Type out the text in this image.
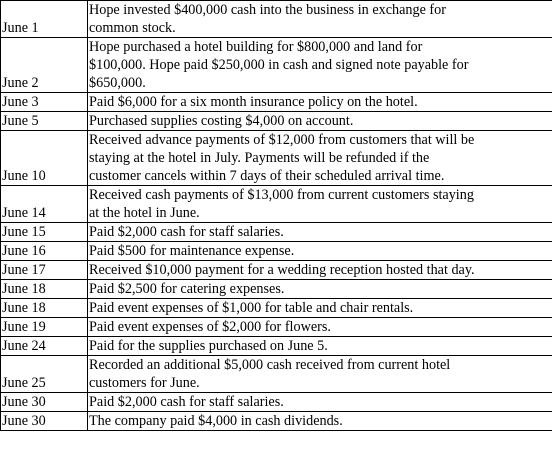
June 1	Hope invested $400,000 cash into the business in exchange for
common stock.

June 2	Hope purchased a hotel building for $800,000 and land for
$100,000. Hope paid $250,000 in cash and signed note payable for
$650,000.

June 3	Paid $6,000 for a six month insurance policy on the hotel.

June 5	Purchased supplies costing $4,000 on account.

June 10	Received advance payments of $12,000 from customers that will be
staying at the hotel in July. Payments will be refunded if the
customer cancels within 7 days of their scheduled arrival time.

June 14	Received cash payments of $13,000 from current customers staying
at the hotel in June.

June 15	Paid $2,000 cash for staff salaries.

June 16	Paid $500 for maintenance expense.

June 17	Received $10,000 payment for a wedding reception hosted that day.

June 18	Paid $2,500 for catering expenses.

June 18	Paid event expenses of $1,000 for table and chair rentals.

June 19	Paid event expenses of $2,000 for flowers.

June 24	Paid for the supplies purchased on June 5.

June 25	Recorded an additional $5,000 cash received from current hotel
customers for June.

June 30	Paid $2,000 cash for staff salaries.

June 30	The company paid $4,000 in cash dividends.
